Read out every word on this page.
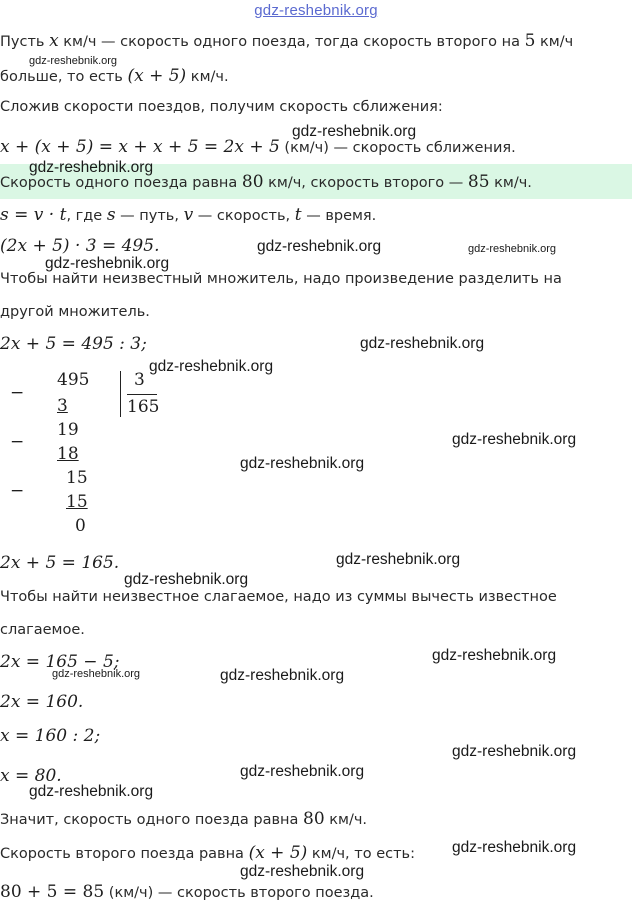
gdz-reshebnik.org
Пусть x км/ч — скорость одного поезда, тогда скорость второго на 5 км/ч
больше, то есть (x + 5) км/ч.
Сложив скорости поездов, получим скорость сближения:
x + (x + 5) = x + x + 5 = 2x + 5 (км/ч) — скорость сближения.
Скорость одного поезда равна 80 км/ч, скорость второго — 85 км/ч.
s = v · t, где s — путь, v — скорость, t — время.
(2x + 5) · 3 = 495.
Чтобы найти неизвестный множитель, надо произведение разделить на
другой множитель.
2x + 5 = 495 : 3;
−
495
3
3
165
−
19
18
−
15
15
0
2x + 5 = 165.
Чтобы найти неизвестное слагаемое, надо из суммы вычесть известное
слагаемое.
2x = 165 − 5;
2x = 160.
x = 160 : 2;
x = 80.
Значит, скорость одного поезда равна 80 км/ч.
Скорость второго поезда равна (x + 5) км/ч, то есть:
80 + 5 = 85 (км/ч) — скорость второго поезда.
gdz-reshebnik.org
gdz-reshebnik.org
gdz-reshebnik.org
gdz-reshebnik.org	gdz-reshebnik.org
gdz-reshebnik.org
gdz-reshebnik.org
gdz-reshebnik.org
gdz-reshebnik.org
gdz-reshebnik.org
gdz-reshebnik.org
gdz-reshebnik.org
gdz-reshebnik.org
gdz-reshebnik.org	gdz-reshebnik.org
gdz-reshebnik.org
gdz-reshebnik.org
gdz-reshebnik.org
gdz-reshebnik.org
gdz-reshebnik.org
